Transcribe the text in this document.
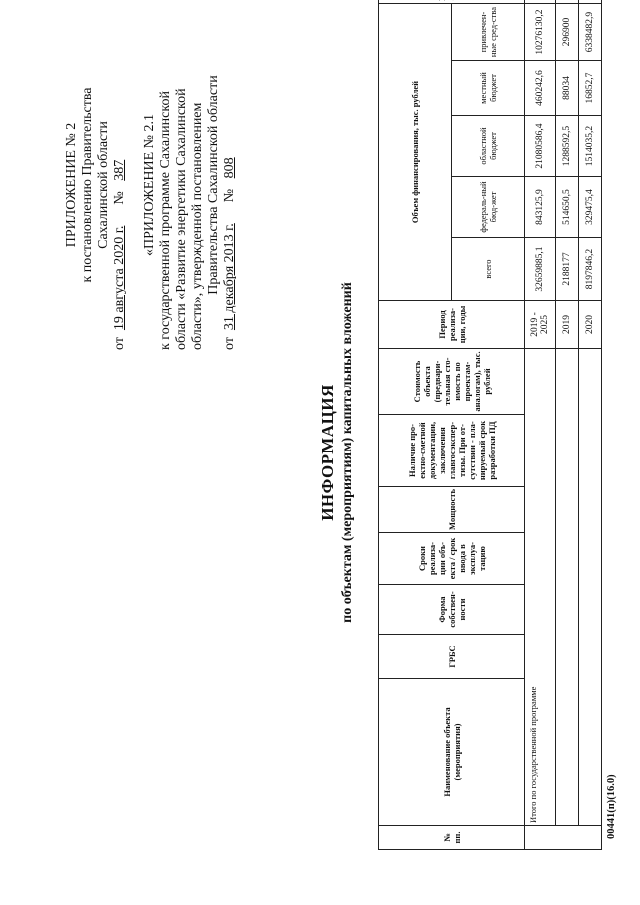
ПРИЛОЖЕНИЕ № 2 к постановлению Правительства Сахалинской области
от  19 августа 2020 г.      №   387 «ПРИЛОЖЕНИЕ № 2.1 к государственной программе Сахалинской области «Развитие энергетики Сахалинской области», утвержденной постановлением Правительства Сахалинской области
от  31 декабря 2013 г.      №   808
ИНФОРМАЦИЯ по объектам (мероприятиям) капитальных вложений
№ пп.	Наименование объекта (мероприятия)	ГРБС	Форма собствен-ности	Сроки реализа-ции объ-екта / срок ввода в эксплуа-тацию	Мощность	Наличие про-ектно-сметной документации, заключения главгосэкспер-тизы. При от-сутствии - пла-нируемый срок разработки ПД	Стоимость объекта (предвари-тельная сто-имость по проектам-аналогам), тыс. рублей	Период реализа-ции, годы	Объем финансирования, тыс. рублей	
									всего	федераль-ный бюд-жет	областной бюджет	местный бюджет	привлечен-ные сред-ства	
	Итого по государственной программе							2019 - 2025	32659885,1	843125,9	21080586,4	460242,6	10276130,2	
								2019	2188177	514650,5	1288592,5	88034	296900	
								2020	8197846,2	329475,4	1514035,2	16852,7	6338482,9	
00441(п)(16.0)
